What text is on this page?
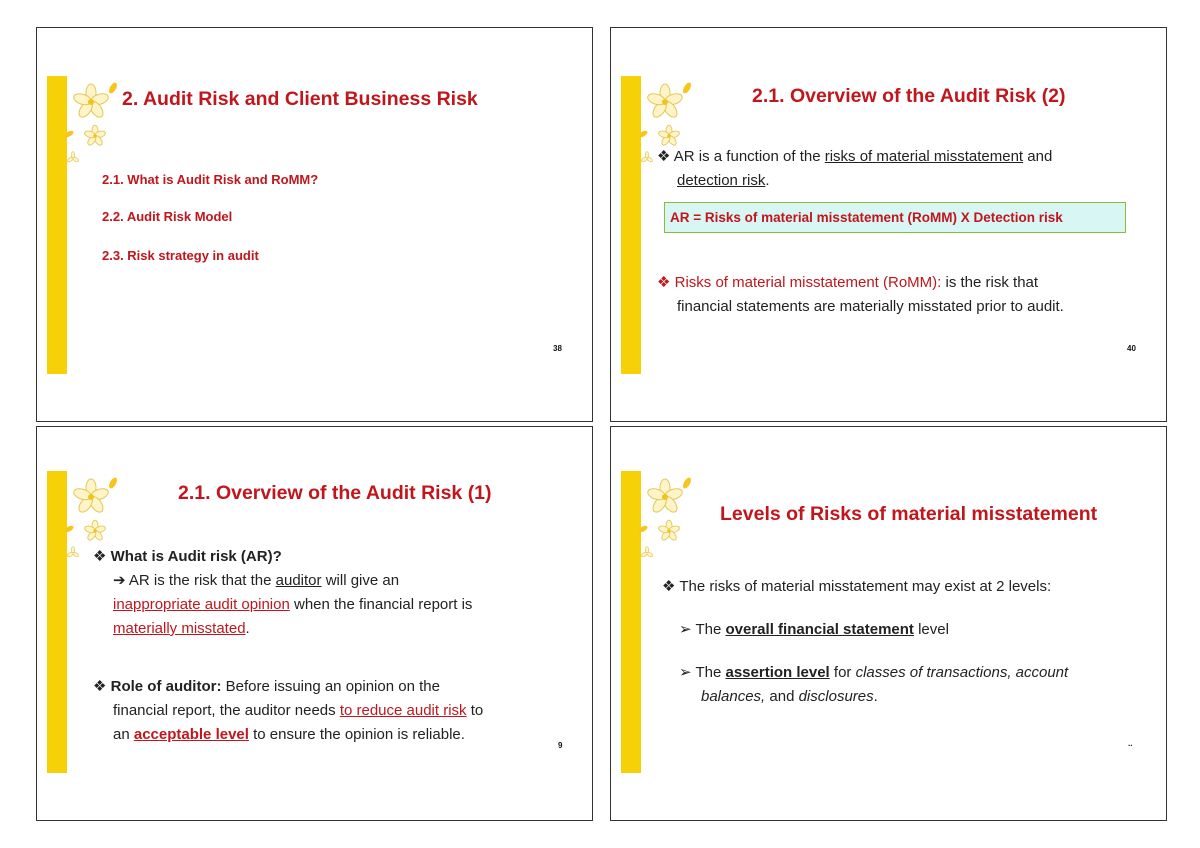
2. Audit Risk and Client Business Risk
2.1. What is Audit Risk and RoMM?
2.2. Audit Risk Model
2.3. Risk strategy in audit
38
2.1. Overview of the Audit Risk (2)
❖ AR is a function of the risks of material misstatement and
detection risk.
AR = Risks of material misstatement (RoMM) X Detection risk
❖ Risks of material misstatement (RoMM): is the risk that
financial statements are materially misstated prior to audit.
40
2.1. Overview of the Audit Risk (1)
❖ What is Audit risk (AR)?
➔ AR is the risk that the auditor will give an
inappropriate audit opinion when the financial report is
materially misstated.
❖ Role of auditor: Before issuing an opinion on the
financial report, the auditor needs to reduce audit risk to
an acceptable level to ensure the opinion is reliable.
9
Levels of Risks of material misstatement
❖ The risks of material misstatement may exist at 2 levels:
➢ The overall financial statement level
➢ The assertion level for classes of transactions, account
balances, and disclosures.
..
